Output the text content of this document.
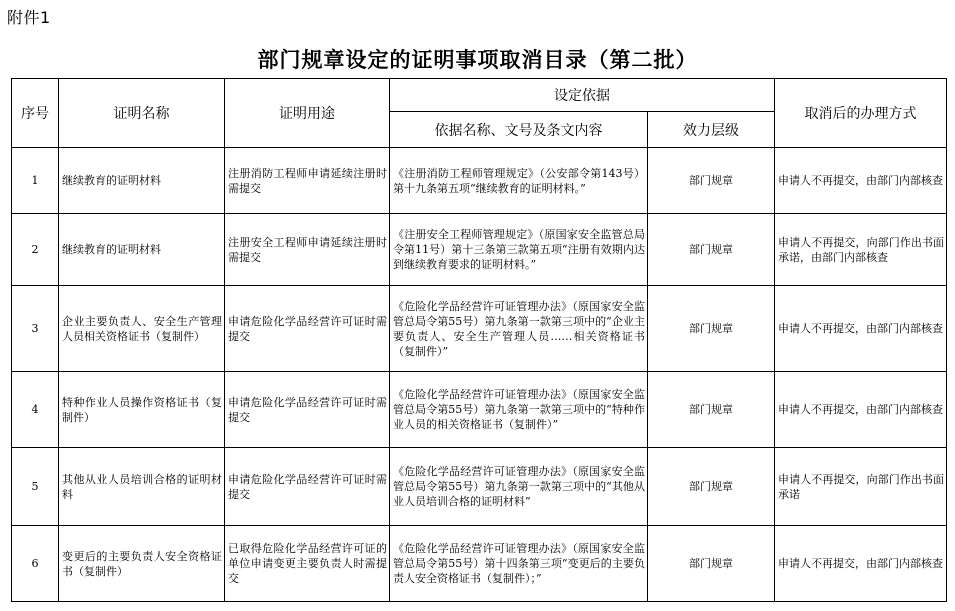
附件1
部门规章设定的证明事项取消目录（第二批）
序号	证明名称	证明用途	设定依据		取消后的办理方式
			依据名称、文号及条文内容	效力层级	
1	继续教育的证明材料	注册消防工程师申请延续注册时需提交	《注册消防工程师管理规定》（公安部令第143号）第十九条第五项“继续教育的证明材料。”	部门规章	申请人不再提交，由部门内部核查
2	继续教育的证明材料	注册安全工程师申请延续注册时需提交	《注册安全工程师管理规定》（原国家安全监管总局令第11号）第十三条第三款第五项“注册有效期内达到继续教育要求的证明材料。”	部门规章	申请人不再提交，向部门作出书面承诺，由部门内部核查
3	企业主要负责人、安全生产管理人员相关资格证书（复制件）	申请危险化学品经营许可证时需提交	《危险化学品经营许可证管理办法》（原国家安全监管总局令第55号）第九条第一款第三项中的“企业主要负责人、安全生产管理人员……相关资格证书（复制件）”	部门规章	申请人不再提交，由部门内部核查
4	特种作业人员操作资格证书（复制件）	申请危险化学品经营许可证时需提交	《危险化学品经营许可证管理办法》（原国家安全监管总局令第55号）第九条第一款第三项中的“特种作业人员的相关资格证书（复制件）”	部门规章	申请人不再提交，由部门内部核查
5	其他从业人员培训合格的证明材料	申请危险化学品经营许可证时需提交	《危险化学品经营许可证管理办法》（原国家安全监管总局令第55号）第九条第一款第三项中的“其他从业人员培训合格的证明材料”	部门规章	申请人不再提交，向部门作出书面承诺
6	变更后的主要负责人安全资格证书（复制件）	已取得危险化学品经营许可证的单位申请变更主要负责人时需提交	《危险化学品经营许可证管理办法》（原国家安全监管总局令第55号）第十四条第三项“变更后的主要负责人安全资格证书（复制件）；”	部门规章	申请人不再提交，由部门内部核查
